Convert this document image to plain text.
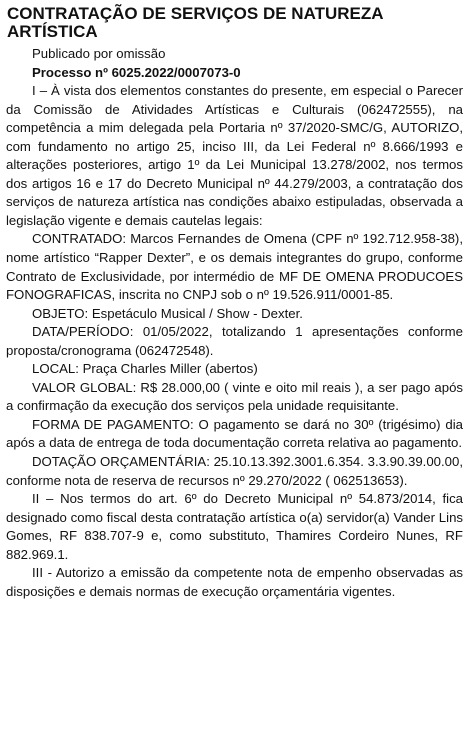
CONTRATAÇÃO DE SERVIÇOS DE NATUREZA ARTÍSTICA

Publicado por omissão

Processo nº 6025.2022/0007073-0

I – À vista dos elementos constantes do presente, em especial o Parecer da Comissão de Atividades Artísticas e Culturais (062472555), na competência a mim delegada pela Portaria nº 37/2020-SMC/G, AUTORIZO, com fundamento no artigo 25, inciso III, da Lei Federal nº 8.666/1993 e alterações posteriores, artigo 1º da Lei Municipal 13.278/2002, nos termos dos artigos 16 e 17 do Decreto Municipal nº 44.279/2003, a contratação dos serviços de natureza artística nas condições abaixo estipuladas, observada a legislação vigente e demais cautelas legais:

CONTRATADO: Marcos Fernandes de Omena (CPF nº 192.712.958-38), nome artístico “Rapper Dexter”, e os demais integrantes do grupo, conforme Contrato de Exclusividade, por intermédio de MF DE OMENA PRODUCOES FONOGRAFICAS, inscrita no CNPJ sob o nº 19.526.911/0001-85.

OBJETO: Espetáculo Musical / Show - Dexter.

DATA/PERÍODO: 01/05/2022, totalizando 1 apresentações conforme proposta/cronograma (062472548).

LOCAL: Praça Charles Miller (abertos)

VALOR GLOBAL: R$ 28.000,00 ( vinte e oito mil reais ), a ser pago após a confirmação da execução dos serviços pela unidade requisitante.

FORMA DE PAGAMENTO: O pagamento se dará no 30º (trigésimo) dia após a data de entrega de toda documentação correta relativa ao pagamento.

DOTAÇÃO ORÇAMENTÁRIA: 25.10.13.392.3001.6.354. 3.3.90.39.00.00, conforme nota de reserva de recursos nº 29.270/2022 ( 062513653).

II – Nos termos do art. 6º do Decreto Municipal nº 54.873/2014, fica designado como fiscal desta contratação artística o(a) servidor(a) Vander Lins Gomes, RF 838.707-9 e, como substituto, Thamires Cordeiro Nunes, RF 882.969.1.

III - Autorizo a emissão da competente nota de empenho observadas as disposições e demais normas de execução orçamentária vigentes.
